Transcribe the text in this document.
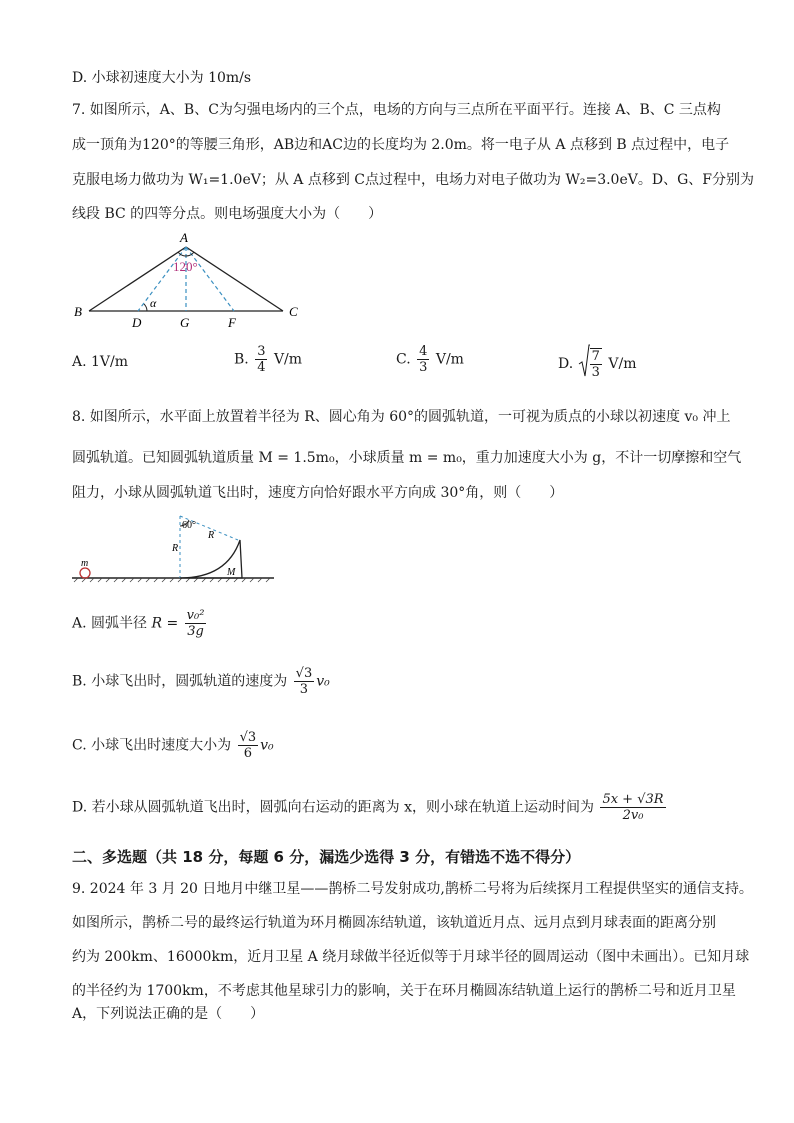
D. 小球初速度大小为 10m/s
7. 如图所示，A、B、C为匀强电场内的三个点，电场的方向与三点所在平面平行。连接 A、B、C 三点构
成一顶角为120°的等腰三角形，AB边和AC边的长度均为 2.0m。将一电子从 A 点移到 B 点过程中，电子
克服电场力做功为 W₁=1.0eV；从 A 点移到 C点过程中，电场力对电子做功为 W₂=3.0eV。D、G、F分别为
线段 BC 的四等分点。则电场强度大小为（　　）
A
B	C
D	G	F
α
120°
A. 1V/m	B. $\frac{3}{4} V/m$	C. $\frac{4}{3} V/m$	D. $\frac{7}{3} V/m$
8. 如图所示，水平面上放置着半径为 R、圆心角为 60°的圆弧轨道，一可视为质点的小球以初速度 v₀ 冲上
圆弧轨道。已知圆弧轨道质量 M = 1.5m₀，小球质量 m = m₀，重力加速度大小为 g，不计一切摩擦和空气
阻力，小球从圆弧轨道飞出时，速度方向恰好跟水平方向成 30°角，则（　　）
60°
R
R
m
M
A. 圆弧半径 $R = \frac{\text{v₀²}}{3g}$
B. 小球飞出时，圆弧轨道的速度为 $\frac{√3}{3} v_0$
C. 小球飞出时速度大小为 $\frac{√3}{6} v_0$
D. 若小球从圆弧轨道飞出时，圆弧向右运动的距离为 x，则小球在轨道上运动时间为 $\frac{5x + √3R}{\text{2v₀}}$
二、多选题（共 18 分，每题 6 分，漏选少选得 3 分，有错选不选不得分）
9. 2024 年 3 月 20 日地月中继卫星——鹊桥二号发射成功,鹊桥二号将为后续探月工程提供坚实的通信支持。
如图所示，鹊桥二号的最终运行轨道为环月椭圆冻结轨道，该轨道近月点、远月点到月球表面的距离分别
约为 200km、16000km，近月卫星 A 绕月球做半径近似等于月球半径的圆周运动（图中未画出）。已知月球
的半径约为 1700km，不考虑其他星球引力的影响，关于在环月椭圆冻结轨道上运行的鹊桥二号和近月卫星
A，下列说法正确的是（　　）
